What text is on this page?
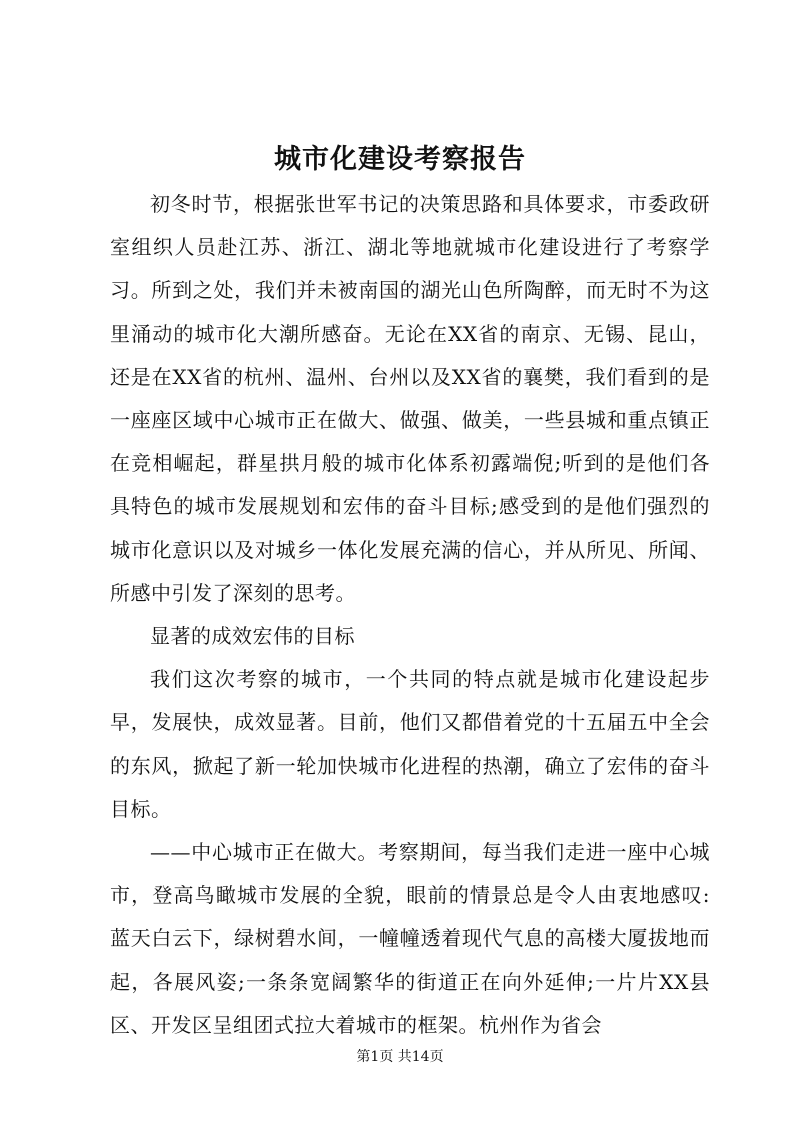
城市化建设考察报告

初冬时节，根据张世军书记的决策思路和具体要求，市委政研室组织人员赴江苏、浙江、湖北等地就城市化建设进行了考察学习。所到之处，我们并未被南国的湖光山色所陶醉，而无时不为这里涌动的城市化大潮所感奋。无论在XX省的南京、无锡、昆山，还是在XX省的杭州、温州、台州以及XX省的襄樊，我们看到的是一座座区域中心城市正在做大、做强、做美，一些县城和重点镇正在竞相崛起，群星拱月般的城市化体系初露端倪;听到的是他们各具特色的城市发展规划和宏伟的奋斗目标;感受到的是他们强烈的城市化意识以及对城乡一体化发展充满的信心，并从所见、所闻、所感中引发了深刻的思考。

显著的成效宏伟的目标

我们这次考察的城市，一个共同的特点就是城市化建设起步早，发展快，成效显著。目前，他们又都借着党的十五届五中全会的东风，掀起了新一轮加快城市化进程的热潮，确立了宏伟的奋斗目标。

——中心城市正在做大。考察期间，每当我们走进一座中心城市，登高鸟瞰城市发展的全貌，眼前的情景总是令人由衷地感叹:蓝天白云下，绿树碧水间，一幢幢透着现代气息的高楼大厦拔地而起，各展风姿;一条条宽阔繁华的街道正在向外延伸;一片片XX县区、开发区呈组团式拉大着城市的框架。杭州作为省会

第1页 共14页
